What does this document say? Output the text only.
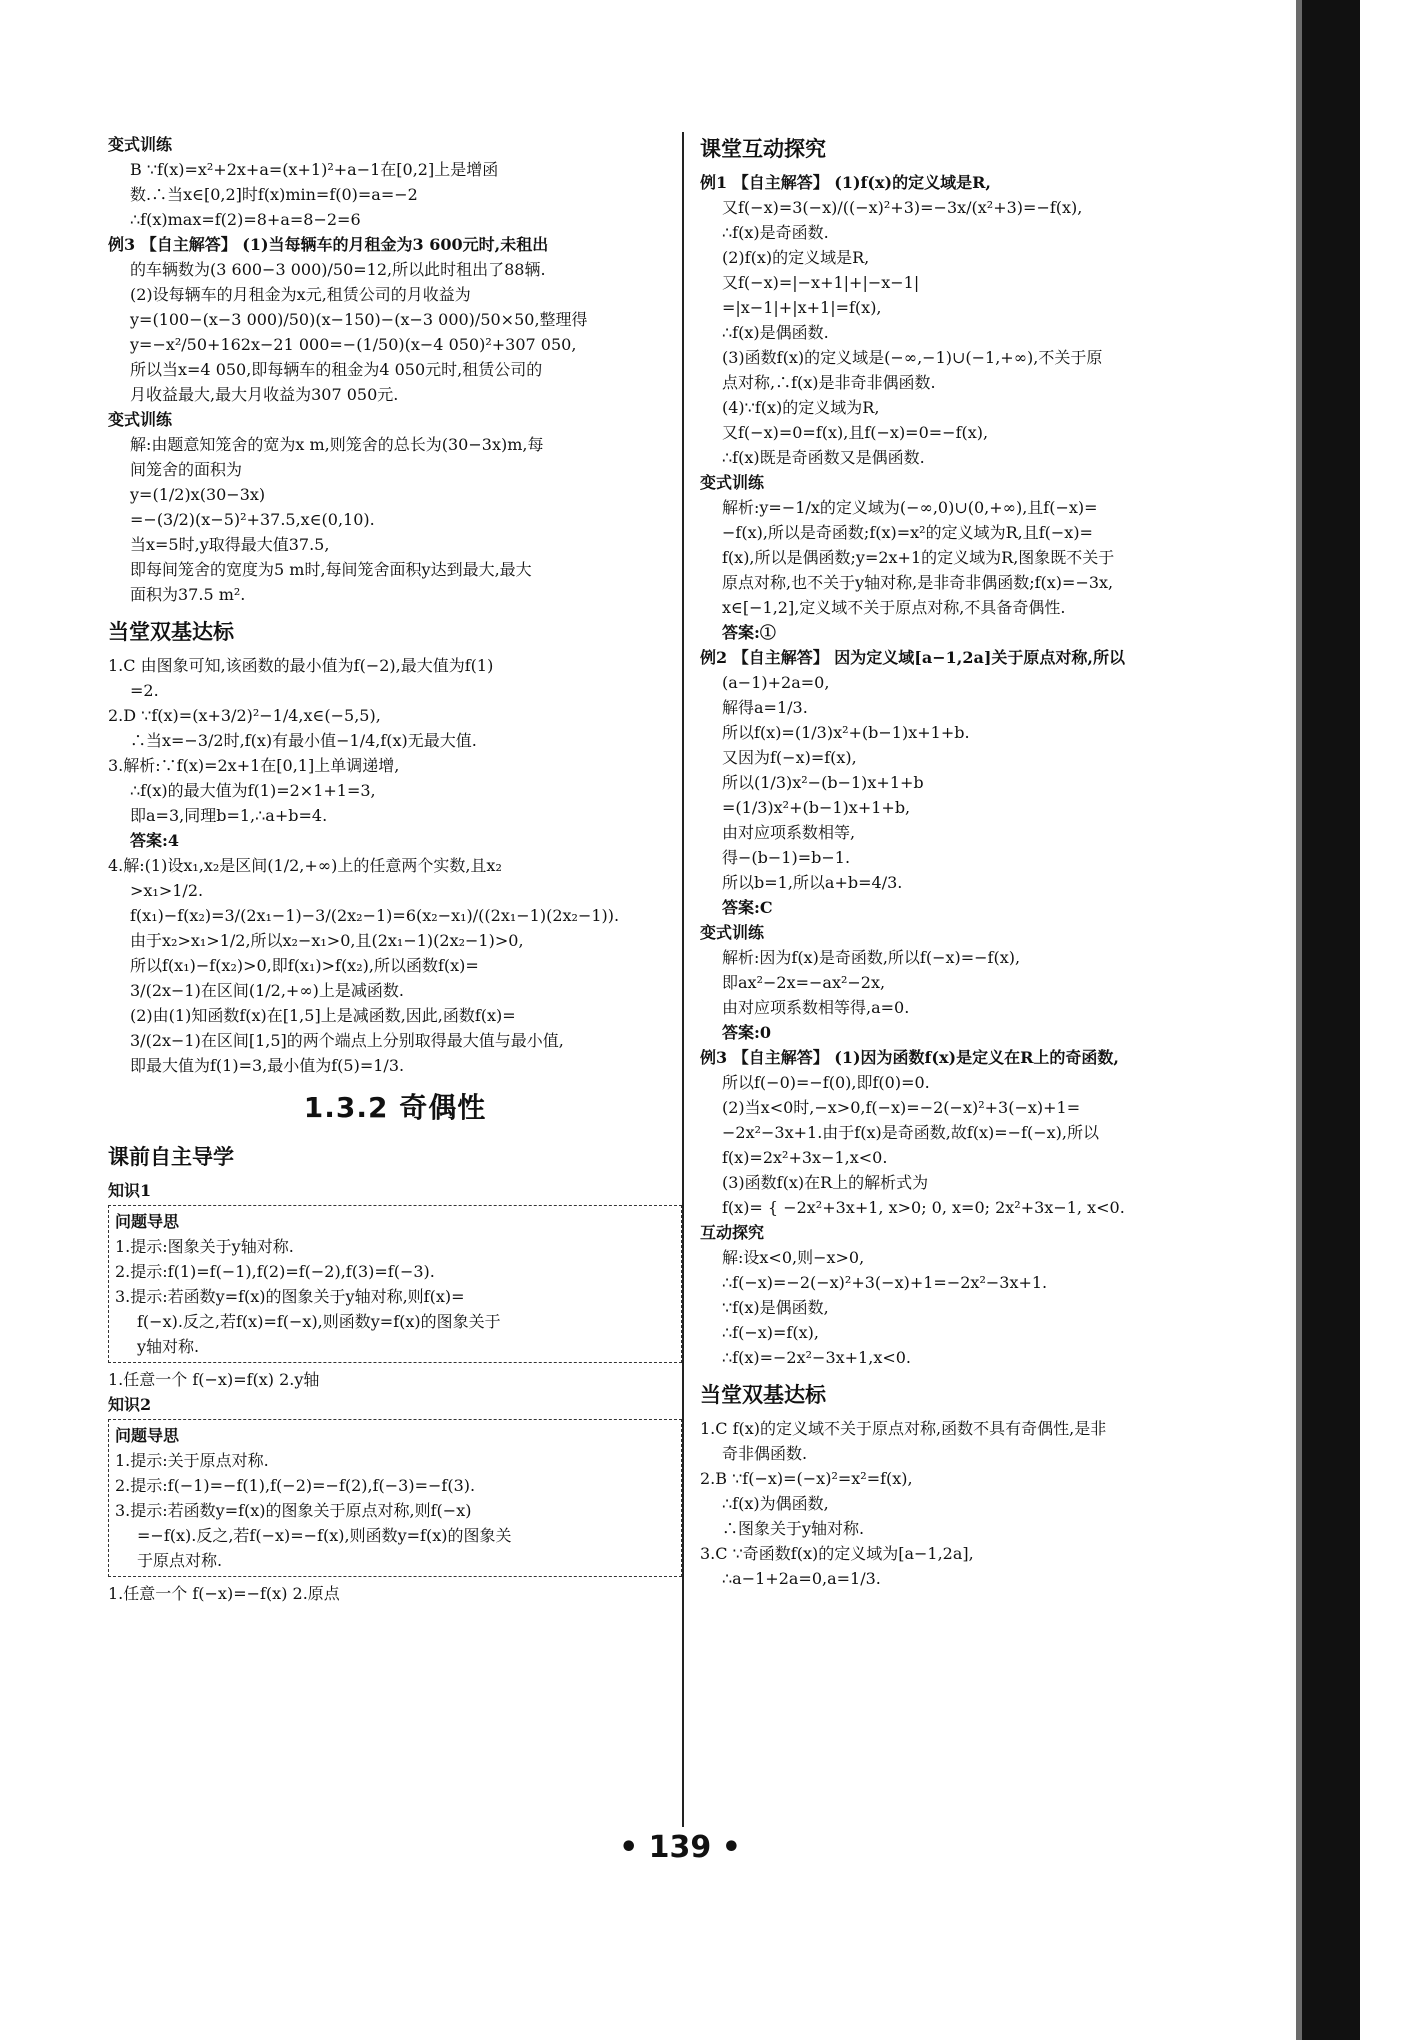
变式训练
B ∵f(x)=x²+2x+a=(x+1)²+a−1在[0,2]上是增函
数.∴当x∈[0,2]时f(x)min=f(0)=a=−2
∴f(x)max=f(2)=8+a=8−2=6
例3 【自主解答】 (1)当每辆车的月租金为3 600元时,未租出
的车辆数为(3 600−3 000)/50=12,所以此时租出了88辆.
(2)设每辆车的月租金为x元,租赁公司的月收益为
y=(100−(x−3 000)/50)(x−150)−(x−3 000)/50×50,整理得
y=−x²/50+162x−21 000=−(1/50)(x−4 050)²+307 050,
所以当x=4 050,即每辆车的租金为4 050元时,租赁公司的
月收益最大,最大月收益为307 050元.
变式训练
解:由题意知笼舍的宽为x m,则笼舍的总长为(30−3x)m,每
间笼舍的面积为
y=(1/2)x(30−3x)
=−(3/2)(x−5)²+37.5,x∈(0,10).
当x=5时,y取得最大值37.5,
即每间笼舍的宽度为5 m时,每间笼舍面积y达到最大,最大
面积为37.5 m².
当堂双基达标
1.C 由图象可知,该函数的最小值为f(−2),最大值为f(1)
=2.
2.D ∵f(x)=(x+3/2)²−1/4,x∈(−5,5),
∴当x=−3/2时,f(x)有最小值−1/4,f(x)无最大值.
3.解析:∵f(x)=2x+1在[0,1]上单调递增,
∴f(x)的最大值为f(1)=2×1+1=3,
即a=3,同理b=1,∴a+b=4.
答案:4
4.解:(1)设x₁,x₂是区间(1/2,+∞)上的任意两个实数,且x₂
>x₁>1/2.
f(x₁)−f(x₂)=3/(2x₁−1)−3/(2x₂−1)=6(x₂−x₁)/((2x₁−1)(2x₂−1)).
由于x₂>x₁>1/2,所以x₂−x₁>0,且(2x₁−1)(2x₂−1)>0,
所以f(x₁)−f(x₂)>0,即f(x₁)>f(x₂),所以函数f(x)=
3/(2x−1)在区间(1/2,+∞)上是减函数.
(2)由(1)知函数f(x)在[1,5]上是减函数,因此,函数f(x)=
3/(2x−1)在区间[1,5]的两个端点上分别取得最大值与最小值,
即最大值为f(1)=3,最小值为f(5)=1/3.
1.3.2 奇偶性
课前自主导学
知识1
问题导思
1.提示:图象关于y轴对称.
2.提示:f(1)=f(−1),f(2)=f(−2),f(3)=f(−3).
3.提示:若函数y=f(x)的图象关于y轴对称,则f(x)=
f(−x).反之,若f(x)=f(−x),则函数y=f(x)的图象关于
y轴对称.
1.任意一个 f(−x)=f(x) 2.y轴
知识2
问题导思
1.提示:关于原点对称.
2.提示:f(−1)=−f(1),f(−2)=−f(2),f(−3)=−f(3).
3.提示:若函数y=f(x)的图象关于原点对称,则f(−x)
=−f(x).反之,若f(−x)=−f(x),则函数y=f(x)的图象关
于原点对称.
1.任意一个 f(−x)=−f(x) 2.原点
课堂互动探究
例1 【自主解答】 (1)f(x)的定义域是R,
又f(−x)=3(−x)/((−x)²+3)=−3x/(x²+3)=−f(x),
∴f(x)是奇函数.
(2)f(x)的定义域是R,
又f(−x)=|−x+1|+|−x−1|
=|x−1|+|x+1|=f(x),
∴f(x)是偶函数.
(3)函数f(x)的定义域是(−∞,−1)∪(−1,+∞),不关于原
点对称,∴f(x)是非奇非偶函数.
(4)∵f(x)的定义域为R,
又f(−x)=0=f(x),且f(−x)=0=−f(x),
∴f(x)既是奇函数又是偶函数.
变式训练
解析:y=−1/x的定义域为(−∞,0)∪(0,+∞),且f(−x)=
−f(x),所以是奇函数;f(x)=x²的定义域为R,且f(−x)=
f(x),所以是偶函数;y=2x+1的定义域为R,图象既不关于
原点对称,也不关于y轴对称,是非奇非偶函数;f(x)=−3x,
x∈[−1,2],定义域不关于原点对称,不具备奇偶性.
答案:①
例2 【自主解答】 因为定义域[a−1,2a]关于原点对称,所以
(a−1)+2a=0,
解得a=1/3.
所以f(x)=(1/3)x²+(b−1)x+1+b.
又因为f(−x)=f(x),
所以(1/3)x²−(b−1)x+1+b
=(1/3)x²+(b−1)x+1+b,
由对应项系数相等,
得−(b−1)=b−1.
所以b=1,所以a+b=4/3.
答案:C
变式训练
解析:因为f(x)是奇函数,所以f(−x)=−f(x),
即ax²−2x=−ax²−2x,
由对应项系数相等得,a=0.
答案:0
例3 【自主解答】 (1)因为函数f(x)是定义在R上的奇函数,
所以f(−0)=−f(0),即f(0)=0.
(2)当x<0时,−x>0,f(−x)=−2(−x)²+3(−x)+1=
−2x²−3x+1.由于f(x)是奇函数,故f(x)=−f(−x),所以
f(x)=2x²+3x−1,x<0.
(3)函数f(x)在R上的解析式为
f(x)= { −2x²+3x+1, x>0; 0, x=0; 2x²+3x−1, x<0.
互动探究
解:设x<0,则−x>0,
∴f(−x)=−2(−x)²+3(−x)+1=−2x²−3x+1.
∵f(x)是偶函数,
∴f(−x)=f(x),
∴f(x)=−2x²−3x+1,x<0.
当堂双基达标
1.C f(x)的定义域不关于原点对称,函数不具有奇偶性,是非
奇非偶函数.
2.B ∵f(−x)=(−x)²=x²=f(x),
∴f(x)为偶函数,
∴图象关于y轴对称.
3.C ∵奇函数f(x)的定义域为[a−1,2a],
∴a−1+2a=0,a=1/3.
• 139 •
